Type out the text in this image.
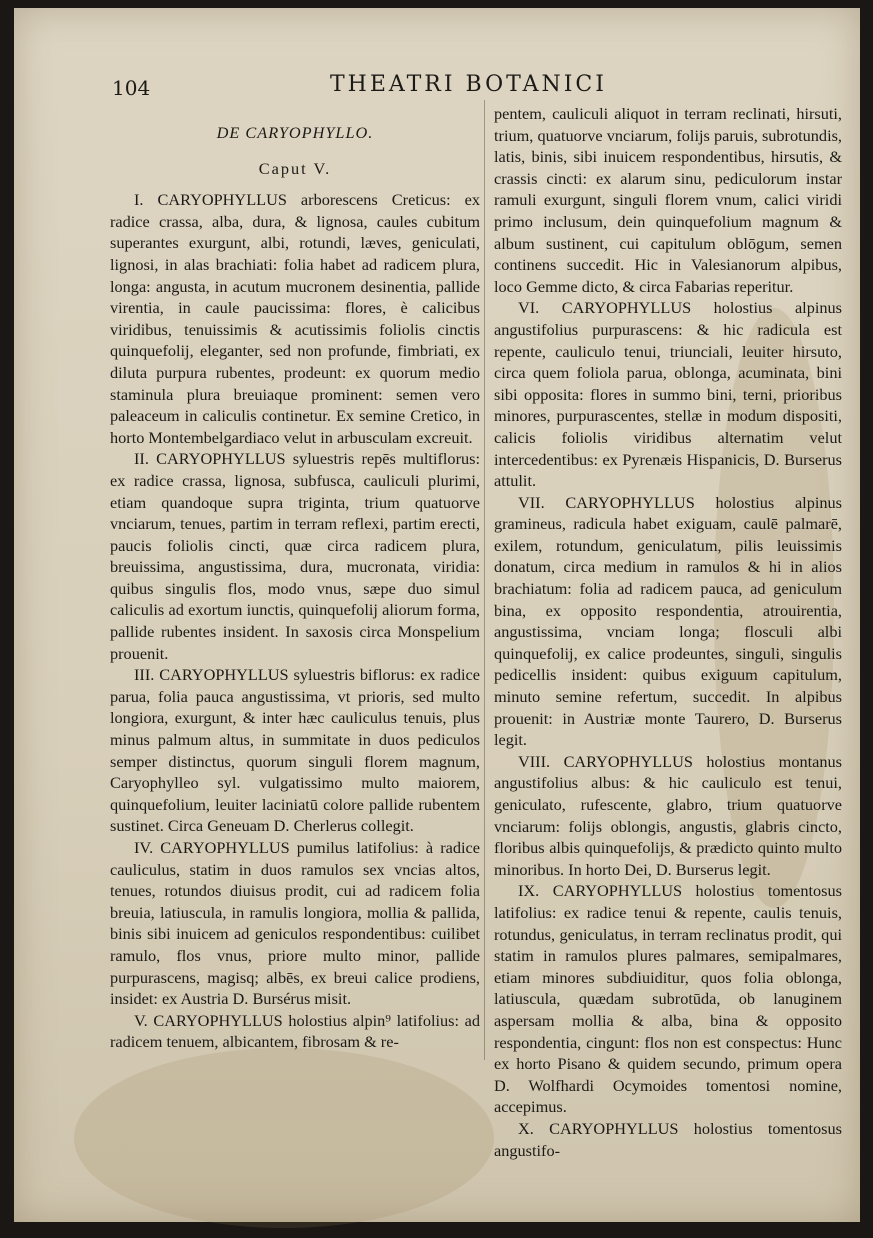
104	THEATRI BOTANICI

DE CARYOPHYLLO.

Caput V.

I. CARYOPHYLLUS arborescens Creticus: ex radice crassa, alba, dura, & lignosa, caules cubitum superantes exurgunt, albi, rotundi, læves, geniculati, lignosi, in alas brachiati: folia habet ad radicem plura, longa: angusta, in acutum mucronem desinentia, pallide virentia, in caule paucissima: flores, è calicibus viridibus, tenuissimis & acutissimis foliolis cinctis quinquefolij, eleganter, sed non profunde, fimbriati, ex diluta purpura rubentes, prodeunt: ex quorum medio staminula plura breuiaque prominent: semen vero paleaceum in caliculis continetur. Ex semine Cretico, in horto Montembelgardiaco velut in arbusculam excreuit.

II. CARYOPHYLLUS syluestris repēs multiflorus: ex radice crassa, lignosa, subfusca, cauliculi plurimi, etiam quandoque supra triginta, trium quatuorve vnciarum, tenues, partim in terram reflexi, partim erecti, paucis foliolis cincti, quæ circa radicem plura, breuissima, angustissima, dura, mucronata, viridia: quibus singulis flos, modo vnus, sæpe duo simul caliculis ad exortum iunctis, quinquefolij aliorum forma, pallide rubentes insident. In saxosis circa Monspelium prouenit.

III. CARYOPHYLLUS syluestris biflorus: ex radice parua, folia pauca angustissima, vt prioris, sed multo longiora, exurgunt, & inter hæc cauliculus tenuis, plus minus palmum altus, in summitate in duos pediculos semper distinctus, quorum singuli florem magnum, Caryophylleo syl. vulgatissimo multo maiorem, quinquefolium, leuiter laciniatū colore pallide rubentem sustinet. Circa Geneuam D. Cherlerus collegit.

IV. CARYOPHYLLUS pumilus latifolius: à radice cauliculus, statim in duos ramulos sex vncias altos, tenues, rotundos diuisus prodit, cui ad radicem folia breuia, latiuscula, in ramulis longiora, mollia & pallida, binis sibi inuicem ad geniculos respondentibus: cuilibet ramulo, flos vnus, priore multo minor, pallide purpurascens, magisq; albēs, ex breui calice prodiens, insidet: ex Austria D. Bursérus misit.

V. CARYOPHYLLUS holostius alpin⁹ latifolius: ad radicem tenuem, albicantem, fibrosam & re-

pentem, cauliculi aliquot in terram reclinati, hirsuti, trium, quatuorve vnciarum, folijs paruis, subrotundis, latis, binis, sibi inuicem respondentibus, hirsutis, & crassis cincti: ex alarum sinu, pediculorum instar ramuli exurgunt, singuli florem vnum, calici viridi primo inclusum, dein quinquefolium magnum & album sustinent, cui capitulum oblōgum, semen continens succedit. Hic in Valesianorum alpibus, loco Gemme dicto, & circa Fabarias reperitur.

VI. CARYOPHYLLUS holostius alpinus angustifolius purpurascens: & hic radicula est repente, cauliculo tenui, triunciali, leuiter hirsuto, circa quem foliola parua, oblonga, acuminata, bini sibi opposita: flores in summo bini, terni, prioribus minores, purpurascentes, stellæ in modum dispositi, calicis foliolis viridibus alternatim velut intercedentibus: ex Pyrenæis Hispanicis, D. Burserus attulit.

VII. CARYOPHYLLUS holostius alpinus gramineus, radicula habet exiguam, caulē palmarē, exilem, rotundum, geniculatum, pilis leuissimis donatum, circa medium in ramulos & hi in alios brachiatum: folia ad radicem pauca, ad geniculum bina, ex opposito respondentia, atrouirentia, angustissima, vnciam longa; flosculi albi quinquefolij, ex calice prodeuntes, singuli, singulis pedicellis insident: quibus exiguum capitulum, minuto semine refertum, succedit. In alpibus prouenit: in Austriæ monte Taurero, D. Burserus legit.

VIII. CARYOPHYLLUS holostius montanus angustifolius albus: & hic cauliculo est tenui, geniculato, rufescente, glabro, trium quatuorve vnciarum: folijs oblongis, angustis, glabris cincto, floribus albis quinquefolijs, & prædicto quinto multo minoribus. In horto Dei, D. Burserus legit.

IX. CARYOPHYLLUS holostius tomentosus latifolius: ex radice tenui & repente, caulis tenuis, rotundus, geniculatus, in terram reclinatus prodit, qui statim in ramulos plures palmares, semipalmares, etiam minores subdiuiditur, quos folia oblonga, latiuscula, quædam subrotūda, ob lanuginem aspersam mollia & alba, bina & opposito respondentia, cingunt: flos non est conspectus: Hunc ex horto Pisano & quidem secundo, primum opera D. Wolfhardi Ocymoides tomentosi nomine, accepimus.

X. CARYOPHYLLUS holostius tomentosus angustifo-
